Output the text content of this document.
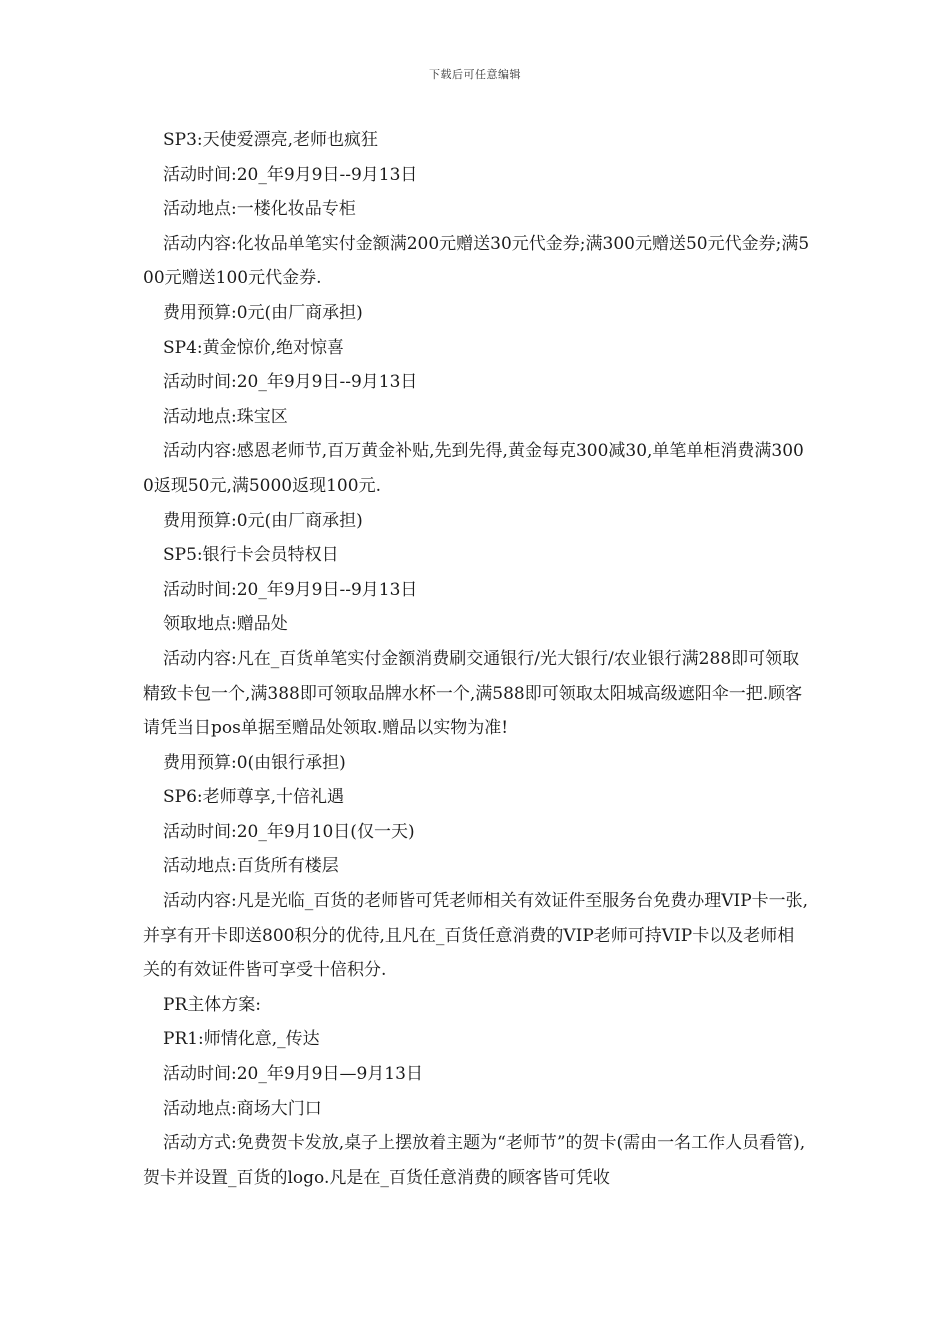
下载后可任意编辑

SP3:天使爱漂亮,老师也疯狂

活动时间:20_年9月9日--9月13日

活动地点:一楼化妆品专柜

活动内容:化妆品单笔实付金额满200元赠送30元代金券;满300元赠送50元代金券;满500元赠送100元代金券.

费用预算:0元(由厂商承担)

SP4:黄金惊价,绝对惊喜

活动时间:20_年9月9日--9月13日

活动地点:珠宝区

活动内容:感恩老师节,百万黄金补贴,先到先得,黄金每克300减30,单笔单柜消费满3000返现50元,满5000返现100元.

费用预算:0元(由厂商承担)

SP5:银行卡会员特权日

活动时间:20_年9月9日--9月13日

领取地点:赠品处

活动内容:凡在_百货单笔实付金额消费刷交通银行/光大银行/农业银行满288即可领取精致卡包一个,满388即可领取品牌水杯一个,满588即可领取太阳城高级遮阳伞一把.顾客请凭当日pos单据至赠品处领取.赠品以实物为准!

费用预算:0(由银行承担)

SP6:老师尊享,十倍礼遇

活动时间:20_年9月10日(仅一天)

活动地点:百货所有楼层

活动内容:凡是光临_百货的老师皆可凭老师相关有效证件至服务台免费办理VIP卡一张,并享有开卡即送800积分的优待,且凡在_百货任意消费的VIP老师可持VIP卡以及老师相关的有效证件皆可享受十倍积分.

PR主体方案:

PR1:师情化意,_传达

活动时间:20_年9月9日—9月13日

活动地点:商场大门口

活动方式:免费贺卡发放,桌子上摆放着主题为“老师节”的贺卡(需由一名工作人员看管),贺卡并设置_百货的logo.凡是在_百货任意消费的顾客皆可凭收
